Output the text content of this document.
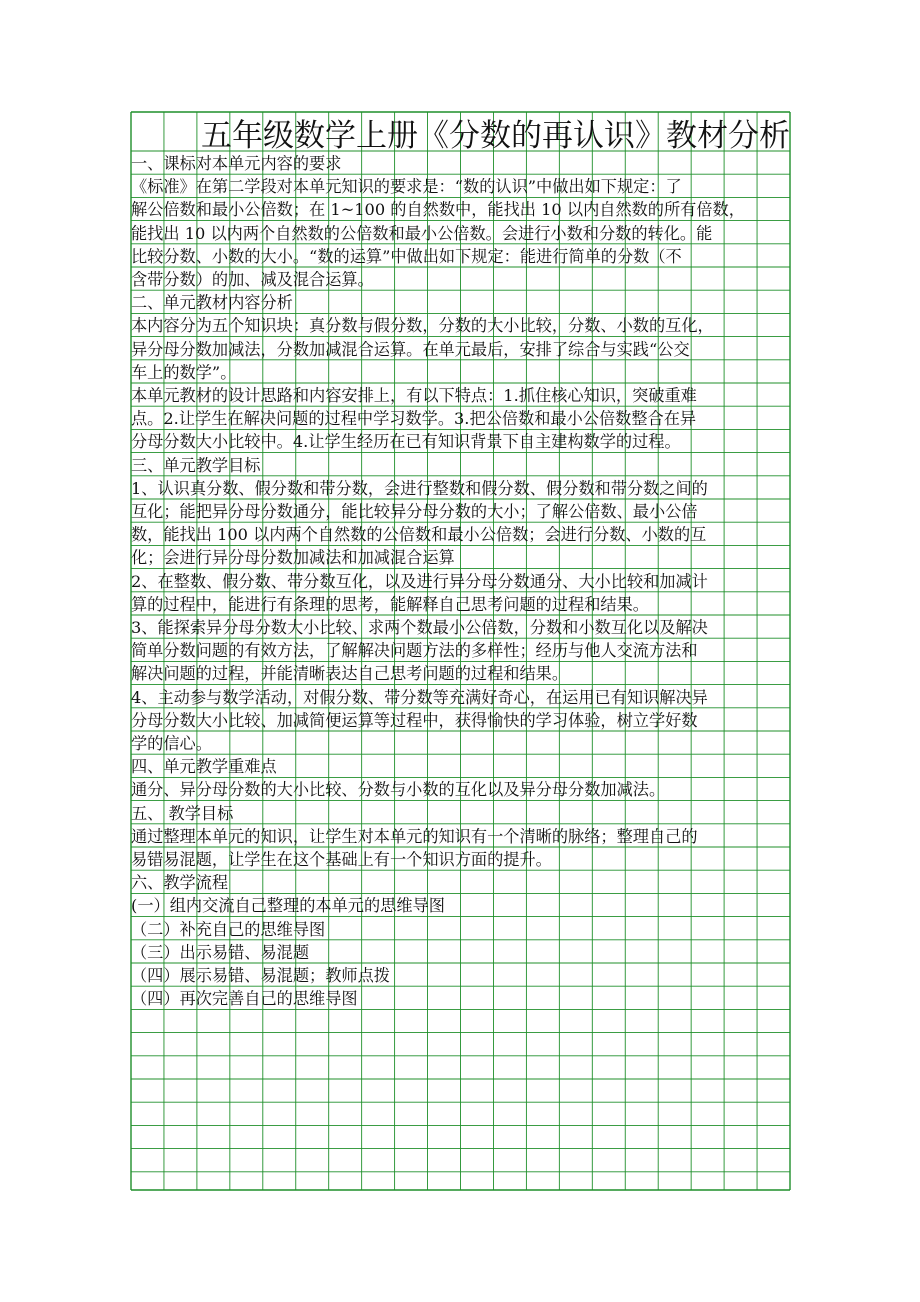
五年级数学上册《分数的再认识》教材分析
一、课标对本单元内容的要求
《标准》在第二学段对本单元知识的要求是：“数的认识”中做出如下规定：了
解公倍数和最小公倍数；在 1~100 的自然数中，能找出 10 以内自然数的所有倍数，
能找出 10 以内两个自然数的公倍数和最小公倍数。会进行小数和分数的转化。能
比较分数、小数的大小。“数的运算”中做出如下规定：能进行简单的分数（不
含带分数）的加、减及混合运算。
二、单元教材内容分析
本内容分为五个知识块：真分数与假分数，分数的大小比较，分数、小数的互化，
异分母分数加减法，分数加减混合运算。在单元最后，安排了综合与实践“公交
车上的数学”。
本单元教材的设计思路和内容安排上，有以下特点：1.抓住核心知识，突破重难
点。2.让学生在解决问题的过程中学习数学。3.把公倍数和最小公倍数整合在异
分母分数大小比较中。4.让学生经历在已有知识背景下自主建构数学的过程。
三、单元教学目标
1、认识真分数、假分数和带分数，会进行整数和假分数、假分数和带分数之间的
互化；能把异分母分数通分，能比较异分母分数的大小；了解公倍数、最小公倍
数，能找出 100 以内两个自然数的公倍数和最小公倍数；会进行分数、小数的互
化；会进行异分母分数加减法和加减混合运算
2、在整数、假分数、带分数互化，以及进行异分母分数通分、大小比较和加减计
算的过程中，能进行有条理的思考，能解释自己思考问题的过程和结果。
3、能探索异分母分数大小比较、求两个数最小公倍数，分数和小数互化以及解决
简单分数问题的有效方法，了解解决问题方法的多样性；经历与他人交流方法和
解决问题的过程，并能清晰表达自己思考问题的过程和结果。
4、主动参与数学活动，对假分数、带分数等充满好奇心，在运用已有知识解决异
分母分数大小比较、加减简便运算等过程中，获得愉快的学习体验，树立学好数
学的信心。
四、单元教学重难点
通分、异分母分数的大小比较、分数与小数的互化以及异分母分数加减法。
五、 教学目标
通过整理本单元的知识，让学生对本单元的知识有一个清晰的脉络；整理自己的
易错易混题，让学生在这个基础上有一个知识方面的提升。
六、教学流程
(一）组内交流自己整理的本单元的思维导图
（二）补充自己的思维导图
（三）出示易错、易混题
（四）展示易错、易混题；教师点拨
（四）再次完善自己的思维导图
